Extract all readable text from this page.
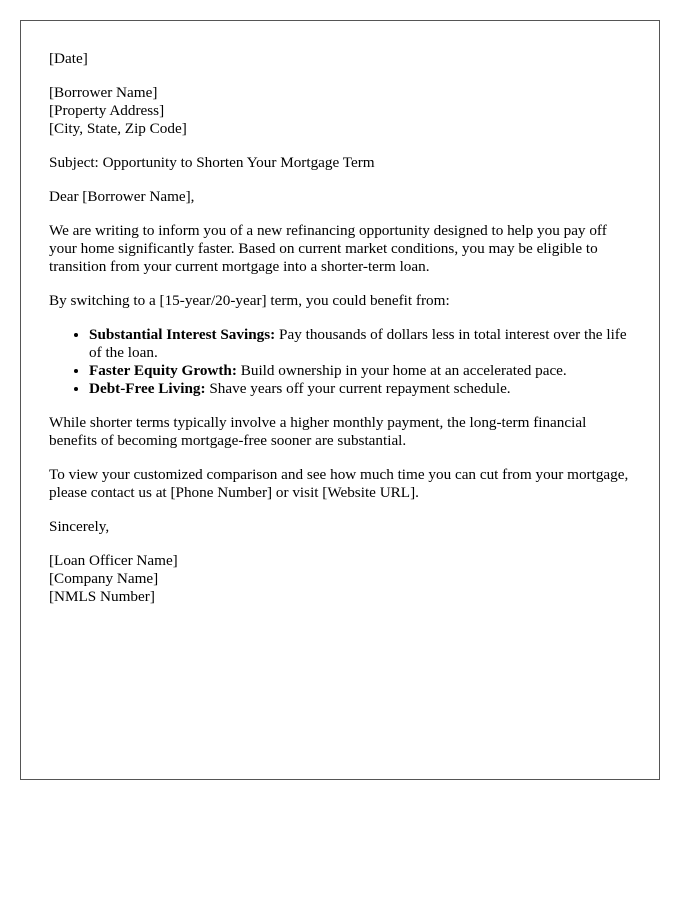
[Date]

[Borrower Name]
[Property Address]
[City, State, Zip Code]

Subject: Opportunity to Shorten Your Mortgage Term

Dear [Borrower Name],

We are writing to inform you of a new refinancing opportunity designed to help you pay off your home significantly faster. Based on current market conditions, you may be eligible to transition from your current mortgage into a shorter-term loan.

By switching to a [15-year/20-year] term, you could benefit from:

• Substantial Interest Savings: Pay thousands of dollars less in total interest over the life of the loan.
• Faster Equity Growth: Build ownership in your home at an accelerated pace.
• Debt-Free Living: Shave years off your current repayment schedule.

While shorter terms typically involve a higher monthly payment, the long-term financial benefits of becoming mortgage-free sooner are substantial.

To view your customized comparison and see how much time you can cut from your mortgage, please contact us at [Phone Number] or visit [Website URL].

Sincerely,

[Loan Officer Name]
[Company Name]
[NMLS Number]
